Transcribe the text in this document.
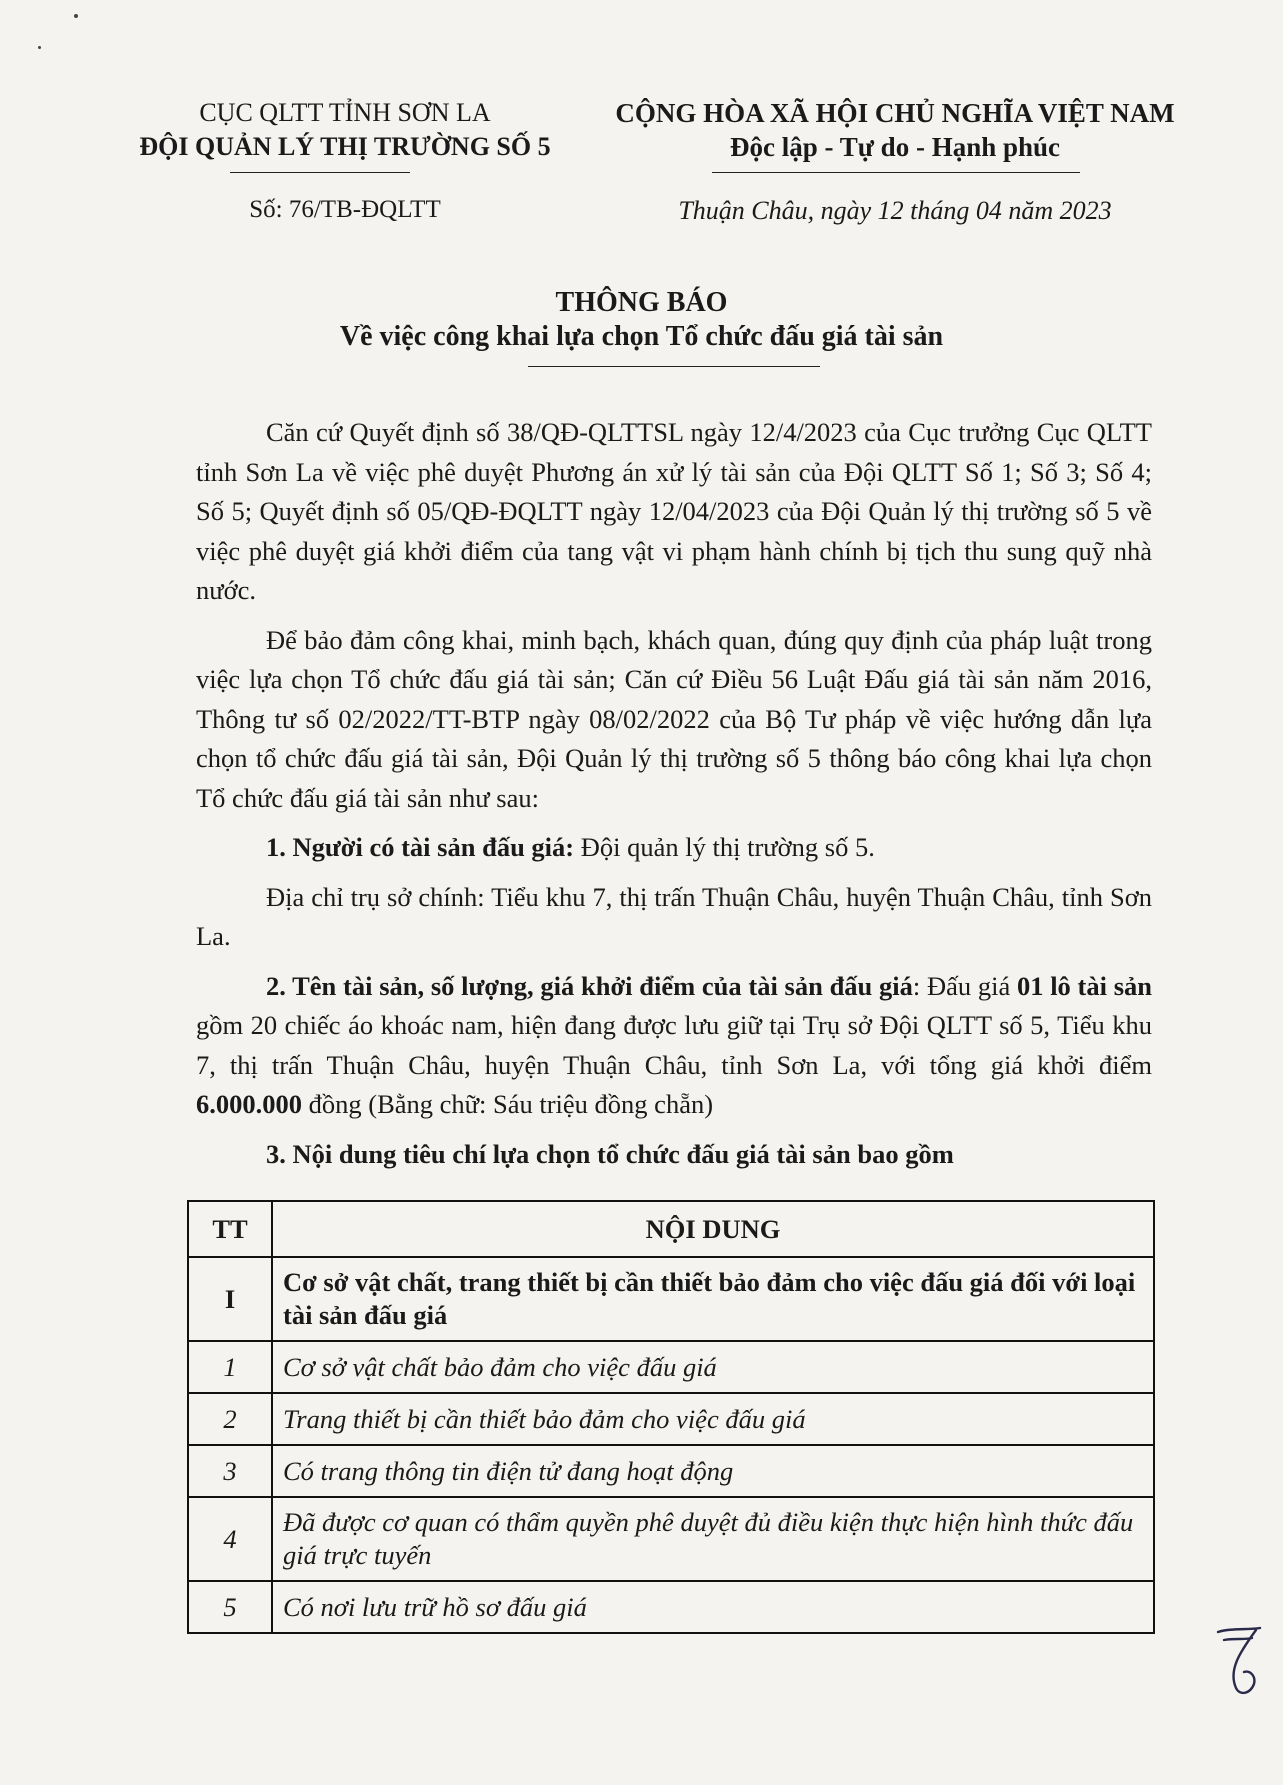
CỤC QLTT TỈNH SƠN LA
ĐỘI QUẢN LÝ THỊ TRƯỜNG SỐ 5
CỘNG HÒA XÃ HỘI CHỦ NGHĨA VIỆT NAM
Độc lập - Tự do - Hạnh phúc
Số: 76/TB-ĐQLTT	Thuận Châu, ngày 12 tháng 04 năm 2023
THÔNG BÁO
Về việc công khai lựa chọn Tổ chức đấu giá tài sản

Căn cứ Quyết định số 38/QĐ-QLTTSL ngày 12/4/2023 của Cục trưởng Cục QLTT tỉnh Sơn La về việc phê duyệt Phương án xử lý tài sản của Đội QLTT Số 1; Số 3; Số 4; Số 5; Quyết định số 05/QĐ-ĐQLTT ngày 12/04/2023 của Đội Quản lý thị trường số 5 về việc phê duyệt giá khởi điểm của tang vật vi phạm hành chính bị tịch thu sung quỹ nhà nước.

Để bảo đảm công khai, minh bạch, khách quan, đúng quy định của pháp luật trong việc lựa chọn Tổ chức đấu giá tài sản; Căn cứ Điều 56 Luật Đấu giá tài sản năm 2016, Thông tư số 02/2022/TT-BTP ngày 08/02/2022 của Bộ Tư pháp về việc hướng dẫn lựa chọn tổ chức đấu giá tài sản, Đội Quản lý thị trường số 5 thông báo công khai lựa chọn Tổ chức đấu giá tài sản như sau:

1. Người có tài sản đấu giá: Đội quản lý thị trường số 5.

Địa chỉ trụ sở chính: Tiểu khu 7, thị trấn Thuận Châu, huyện Thuận Châu, tỉnh Sơn La.

2. Tên tài sản, số lượng, giá khởi điểm của tài sản đấu giá: Đấu giá 01 lô tài sản gồm 20 chiếc áo khoác nam, hiện đang được lưu giữ tại Trụ sở Đội QLTT số 5, Tiểu khu 7, thị trấn Thuận Châu, huyện Thuận Châu, tỉnh Sơn La, với tổng giá khởi điểm 6.000.000 đồng (Bằng chữ: Sáu triệu đồng chẵn)

3. Nội dung tiêu chí lựa chọn tổ chức đấu giá tài sản bao gồm

TT	NỘI DUNG
I	Cơ sở vật chất, trang thiết bị cần thiết bảo đảm cho việc đấu giá đối với loại tài sản đấu giá
1	Cơ sở vật chất bảo đảm cho việc đấu giá
2	Trang thiết bị cần thiết bảo đảm cho việc đấu giá
3	Có trang thông tin điện tử đang hoạt động
4	Đã được cơ quan có thẩm quyền phê duyệt đủ điều kiện thực hiện hình thức đấu giá trực tuyến
5	Có nơi lưu trữ hồ sơ đấu giá
